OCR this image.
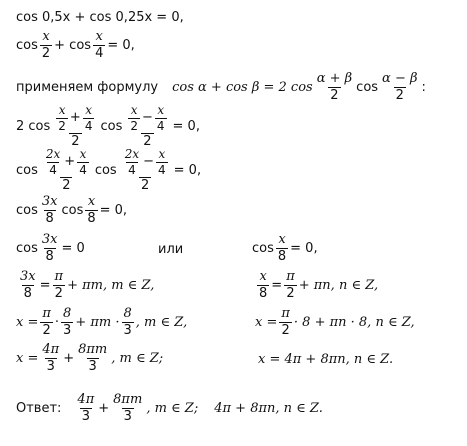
cos 0,5x + cos 0,25x = 0,
$\cos \frac{x}{2} + \cos \frac{x}{4} = 0$,
применяем формулу cos α + cos β = 2 $\cos \frac{\alpha + \beta}{2}$ $\cos \frac{\alpha - \beta}{2}$ :
2 $\cos \frac{x}{2} + \frac{x}{4}$
2
$\cos \frac{x}{2} - \frac{x}{4}$
2
= 0,
$\cos \frac{2x}{4} + \frac{x}{4}$
2
$\cos \frac{2x}{4} - \frac{x}{4}$
2
= 0,
$\cos \frac{3x}{8}$ $\cos \frac{x}{8} = 0$,
$\cos \frac{3x}{8} = 0$	или	$\cos \frac{x}{8} = 0$,
$\frac{3x}{8} = \frac{\pi}{2} + \pi m$, m ∈ Z,	$\frac{x}{8} = \frac{\pi}{2} + \pi n$, n ∈ Z,
$x = \frac{\pi}{2} \cdot \frac{8}{3} + \pi m \cdot \frac{8}{3}$ , m ∈ Z,	$x = \frac{\pi}{2} \cdot 8 + \pi n \cdot 8$, n ∈ Z,
$x = \frac{4\pi}{3} + \frac{8\pi m}{3}$ , m ∈ Z;	x = 4π + 8πn, n ∈ Z.
Ответ: $\frac{4\pi}{3} + \frac{8\pi m}{3}$ , m ∈ Z; 4π + 8πn, n ∈ Z.
